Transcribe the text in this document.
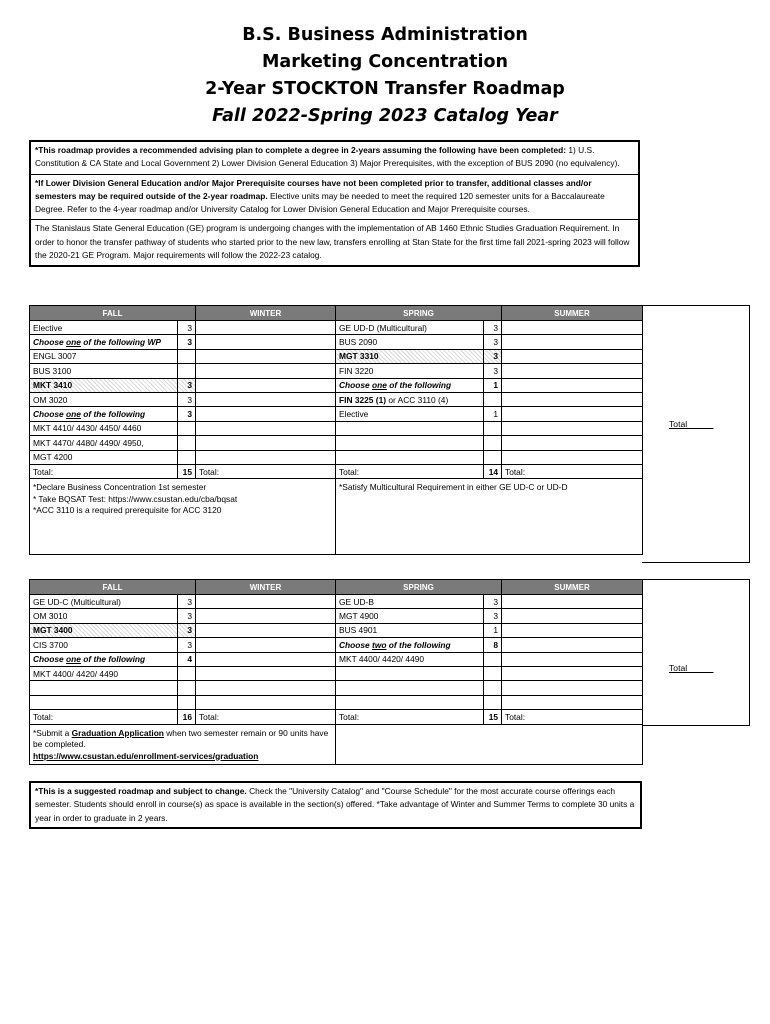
B.S. Business Administration
Marketing Concentration
2-Year STOCKTON Transfer Roadmap
Fall 2022-Spring 2023 Catalog Year
*This roadmap provides a recommended advising plan to complete a degree in 2-years assuming the following have been completed: 1) U.S. Constitution & CA State and Local Government 2) Lower Division General Education 3) Major Prerequisites, with the exception of BUS 2090 (no equivalency).
*If Lower Division General Education and/or Major Prerequisite courses have not been completed prior to transfer, additional classes and/or semesters may be required outside of the 2-year roadmap. Elective units may be needed to meet the required 120 semester units for a Baccalaureate Degree. Refer to the 4-year roadmap and/or University Catalog for Lower Division General Education and Major Prerequisite courses.
The Stanislaus State General Education (GE) program is undergoing changes with the implementation of AB 1460 Ethnic Studies Graduation Requirement. In order to honor the transfer pathway of students who started prior to the new law, transfers enrolling at Stan State for the first time fall 2021-spring 2023 will follow the 2020-21 GE Program. Major requirements will follow the 2022-23 catalog.
FALL		WINTER	SPRING		SUMMER
Elective	3		GE UD-D (Multicultural)	3	
Choose one of the following WP	3		BUS 2090	3	
ENGL 3007			MGT 3310	3	
BUS 3100			FIN 3220	3	
MKT 3410	3		Choose one of the following	1	
OM 3020	3		FIN 3225 (1) or ACC 3110 (4)		
Choose one of the following	3		Elective	1	
MKT 4410/ 4430/ 4450/ 4460					
MKT 4470/ 4480/ 4490/ 4950,					
MGT 4200					
Total:	15	Total:	Total:	14	Total:
*Declare Business Concentration 1st semester
* Take BQSAT Test: https://www.csustan.edu/cba/bqsat
*ACC 3110 is a required prerequisite for ACC 3120			*Satisfy Multicultural Requirement in either GE UD-C or UD-D		
Total _____
FALL		WINTER	SPRING		SUMMER
GE UD-C (Multicultural)	3		GE UD-B	3	
OM 3010	3		MGT 4900	3	
MGT 3400	3		BUS 4901	1	
CIS 3700	3		Choose two of the following	8	
Choose one of the following	4		MKT 4400/ 4420/ 4490		
MKT 4400/ 4420/ 4490					

Total:	16	Total:	Total:	15	Total:
*Submit a Graduation Application when two semester remain or 90 units have be completed.
https://www.csustan.edu/enrollment-services/graduation					
Total _____
*This is a suggested roadmap and subject to change. Check the "University Catalog" and "Course Schedule" for the most accurate course offerings each semester. Students should enroll in course(s) as space is available in the section(s) offered. *Take advantage of Winter and Summer Terms to complete 30 units a year in order to graduate in 2 years.
